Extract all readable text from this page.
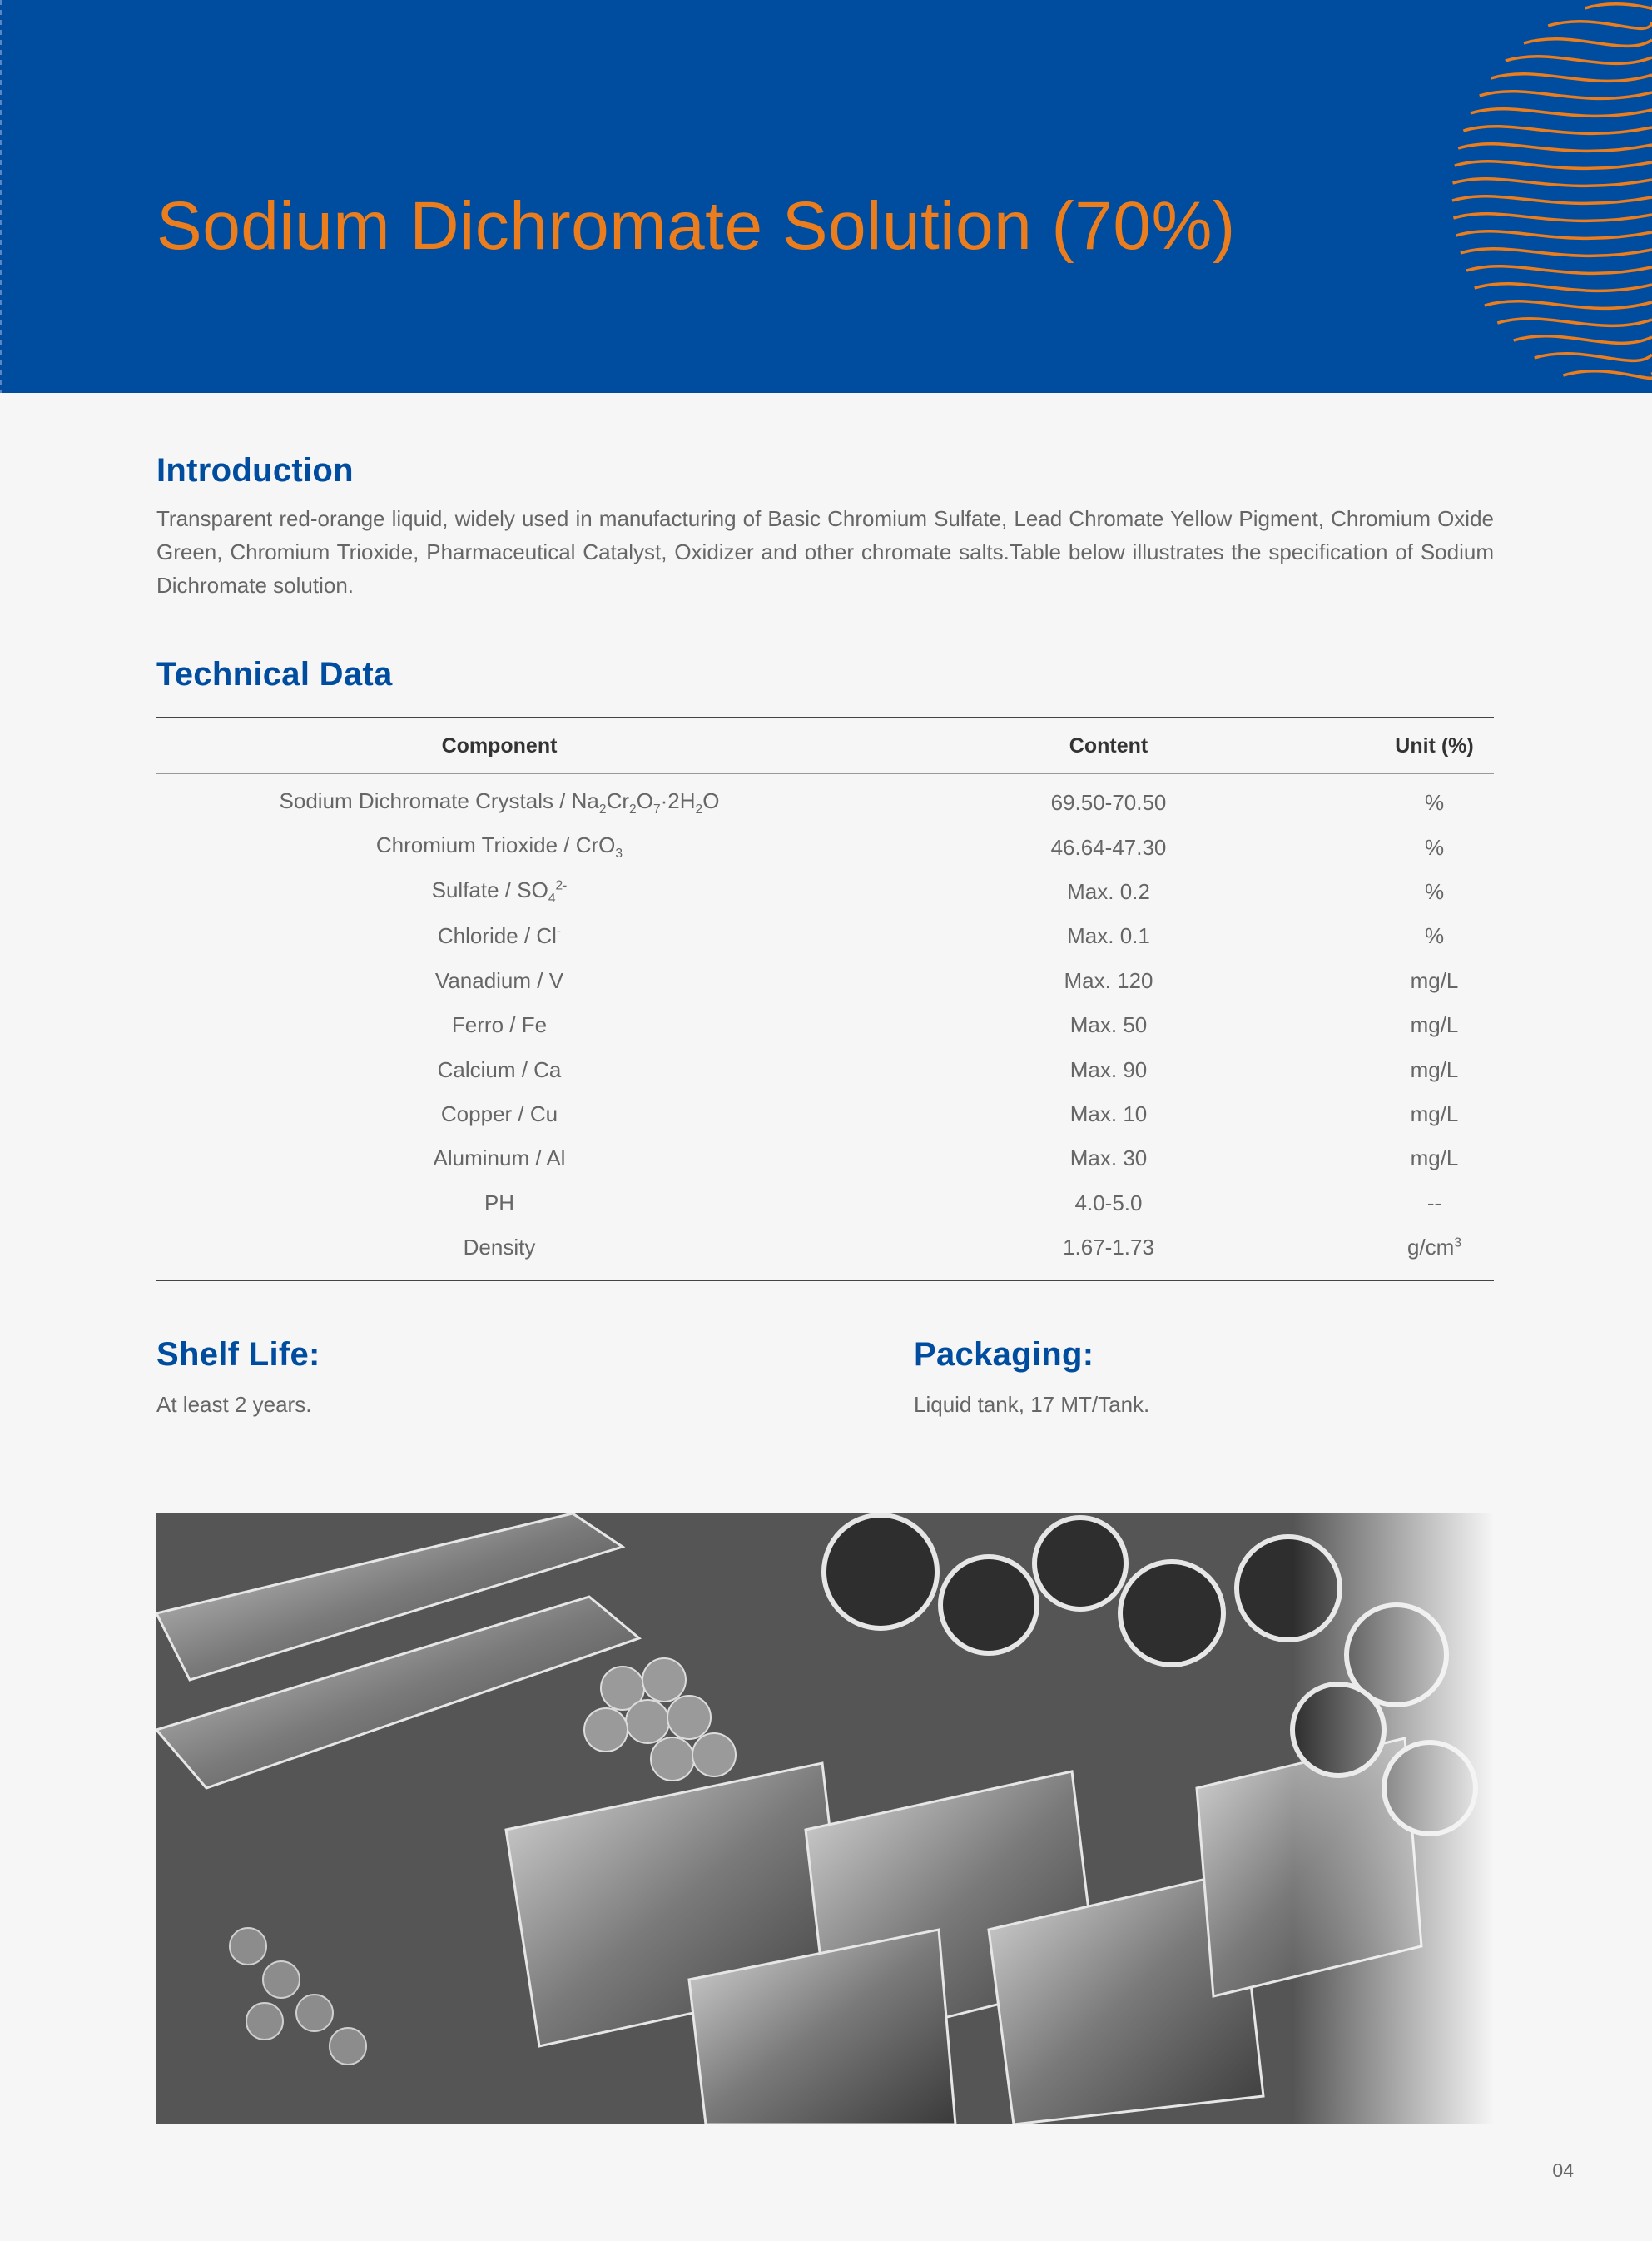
Sodium Dichromate Solution (70%)
Introduction

Transparent red-orange liquid, widely used in manufacturing of Basic Chromium Sulfate, Lead Chromate Yellow Pigment, Chromium Oxide Green, Chromium Trioxide, Pharmaceutical Catalyst, Oxidizer and other chromate salts.Table below illustrates the specification of Sodium Dichromate solution.

Technical Data
Component	Content	Unit (%)
Sodium Dichromate Crystals / $Na_2Cr_2O_7\cdot 2H_2O$	69.50-70.50	%
Chromium Trioxide / CrO$_3$	46.64-47.30	%
Sulfate / $SO_4^{2-}$	Max. 0.2	%
Chloride / Cl-	Max. 0.1	%
Vanadium / V	Max. 120	mg/L
Ferro / Fe	Max. 50	mg/L
Calcium / Ca	Max. 90	mg/L
Copper / Cu	Max. 10	mg/L
Aluminum / Al	Max. 30	mg/L
PH	4.0-5.0	--
Density	1.67-1.73	$g/cm^3$
Shelf Life:

At least 2 years.

Packaging:

Liquid tank, 17 MT/Tank.

04
